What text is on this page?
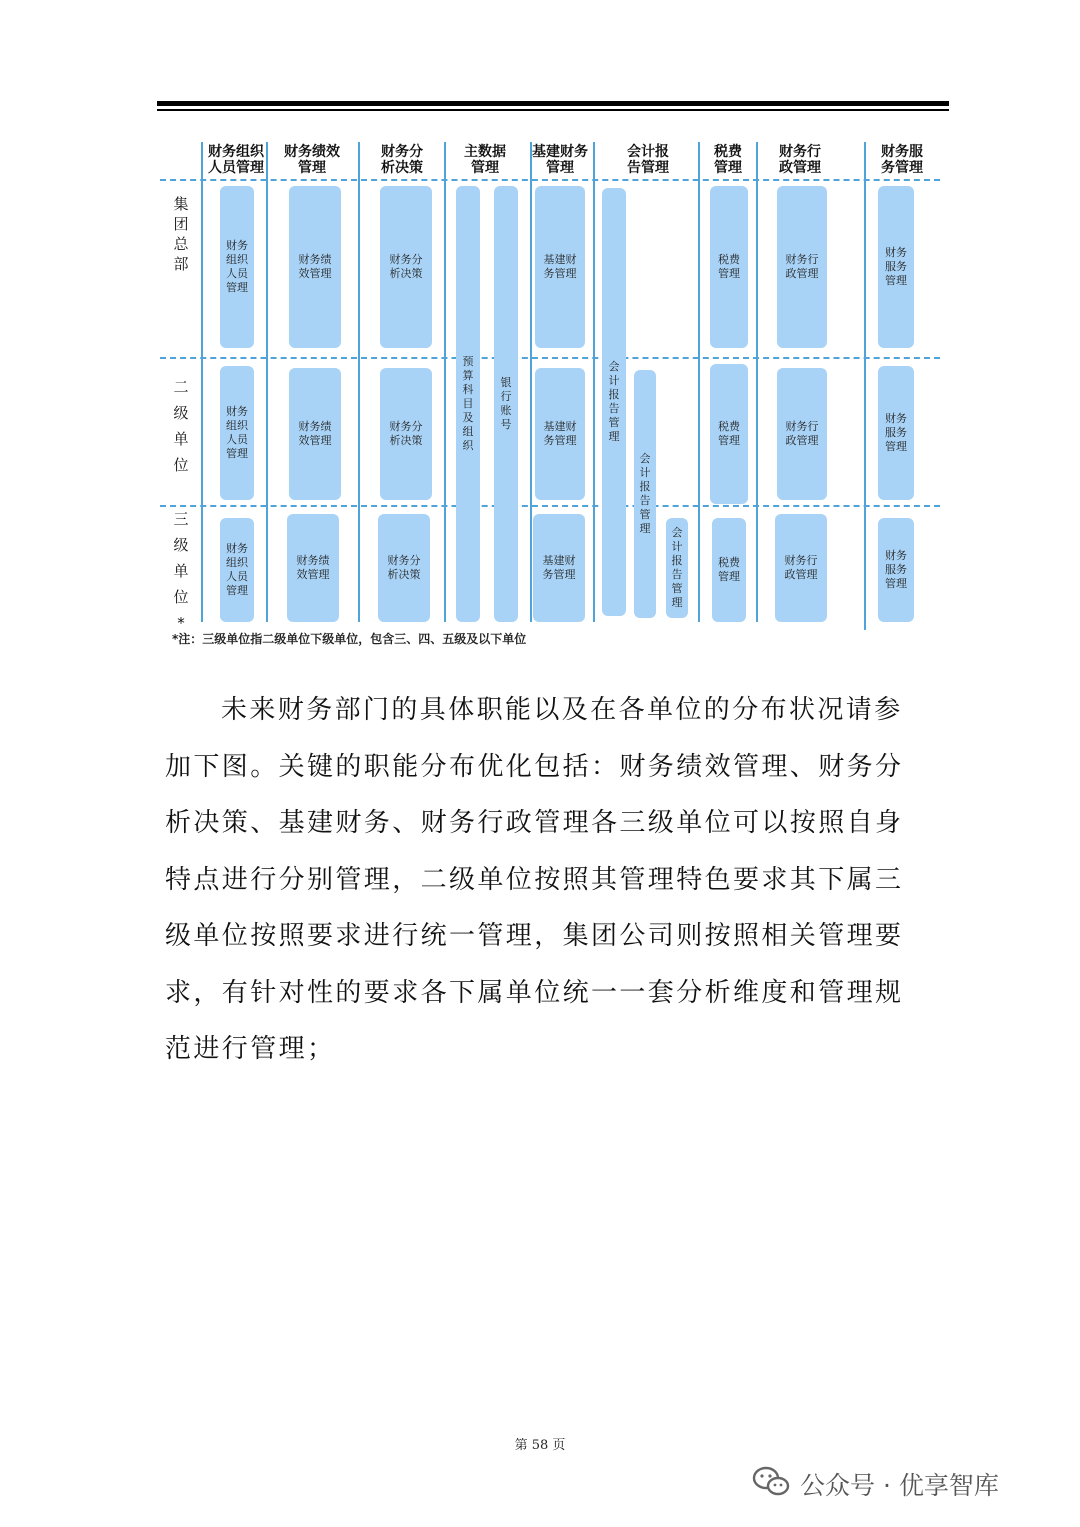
财务组织
人员管理
财务绩效
管理
财务分
析决策
主数据
管理
基建财务
管理
会计报
告管理
税费
管理
财务行
政管理
财务服
务管理
集
团
总
部
二
级
单
位
三
级
单
位
*
财务
组织
人员
管理
财务绩
效管理
财务分
析决策
基建财
务管理
税费
管理
财务行
政管理
财务
服务
管理
财务
组织
人员
管理
财务绩
效管理
财务分
析决策
基建财
务管理
税费
管理
财务行
政管理
财务
服务
管理
财务
组织
人员
管理
财务绩
效管理
财务分
析决策
基建财
务管理
税费
管理
财务行
政管理
财务
服务
管理
预
算
科
目
及
组
织
银
行
账
号
会
计
报
告
管
理
会
计
报
告
管
理	会
计
报
告
管
理
*注：三级单位指二级单位下级单位，包含三、四、五级及以下单位

未来财务部门的具体职能以及在各单位的分布状况请参加下图。关键的职能分布优化包括：财务绩效管理、财务分析决策、基建财务、财务行政管理各三级单位可以按照自身特点进行分别管理，二级单位按照其管理特色要求其下属三级单位按照要求进行统一管理，集团公司则按照相关管理要求，有针对性的要求各下属单位统一一套分析维度和管理规范进行管理；

第 58 页
公众号 · 优享智库
